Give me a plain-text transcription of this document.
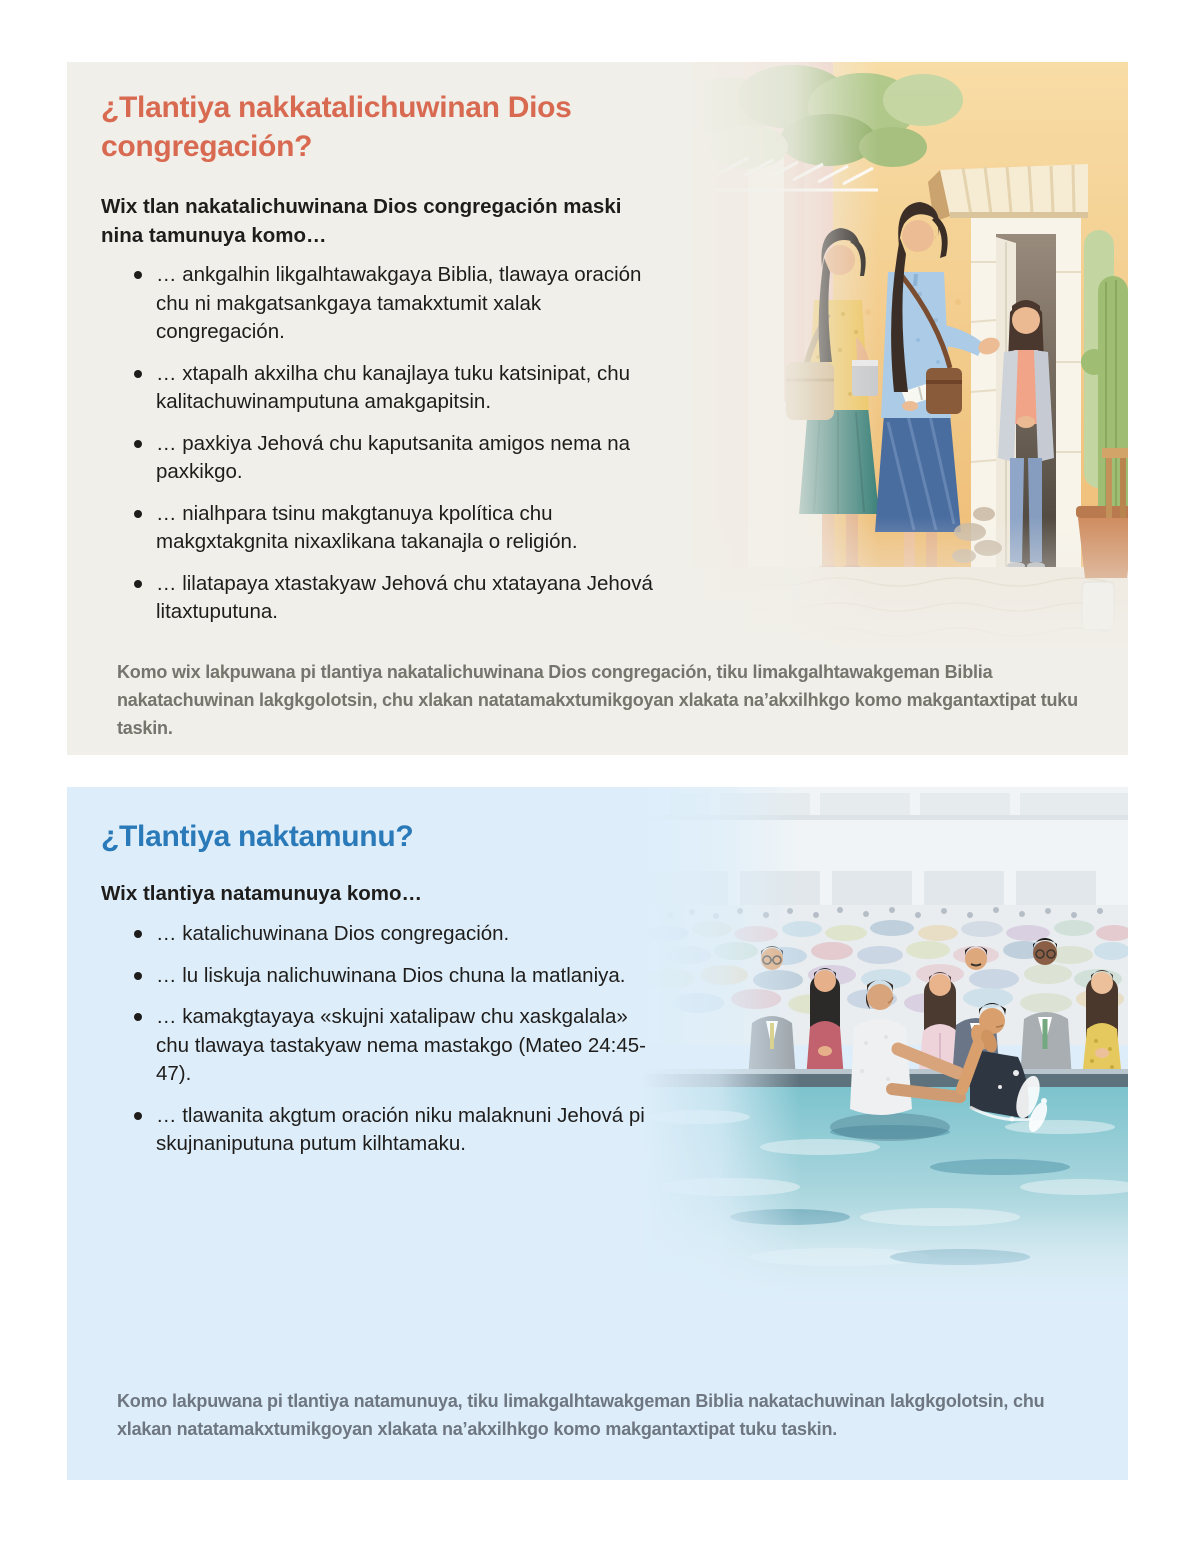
¿Tlantiya nakkatalichuwinan Dios congregación?

Wix tlan nakatalichuwinana Dios congregación maski nina tamunuya komo…

… ankgalhin likgalhtawakgaya Biblia, tlawaya oración chu ni makgatsankgaya tamakxtumit xalak congregación.
… xtapalh akxilha chu kanajlaya tuku katsinipat, chu kalitachuwinamputuna amakgapitsin.
… paxkiya Jehová chu kaputsanita amigos nema na paxkikgo.
… nialhpara tsinu makgtanuya kpolítica chu makgxtakgnita nixaxlikana takanajla o religión.
… lilatapaya xtastakyaw Jehová chu xtatayana Jehová litaxtuputuna.

Komo wix lakpuwana pi tlantiya nakatalichuwinana Dios congregación, tiku limakgalhtawakgeman Biblia nakatachuwinan lakgkgolotsin, chu xlakan natatamakxtumikgoyan xlakata na’akxilhkgo komo makgantaxtipat tuku taskin.

¿Tlantiya naktamunu?

Wix tlantiya natamunuya komo…

… katalichuwinana Dios congregación.
… lu liskuja nalichuwinana Dios chuna la matlaniya.
… kamakgtayaya «skujni xatalipaw chu xaskgalala» chu tlawaya tastakyaw nema mastakgo (Mateo 24:45-47).
… tlawanita akgtum oración niku malaknuni Jehová pi skujnaniputuna putum kilhtamaku.

Komo lakpuwana pi tlantiya natamunuya, tiku limakgalhtawakgeman Biblia nakatachuwinan lakgkgolotsin, chu xlakan natatamakxtumikgoyan xlakata na’akxilhkgo komo makgantaxtipat tuku taskin.
